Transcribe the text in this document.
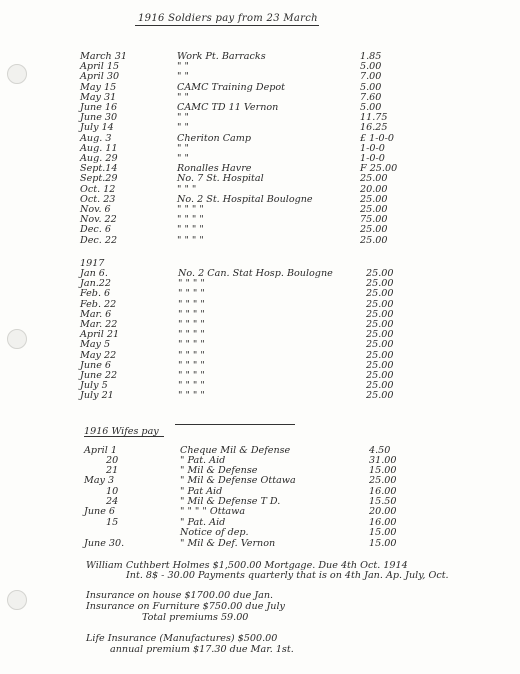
1916 Soldiers pay from 23 March
March 31	Work Pt. Barracks	1.85
April 15	" "	5.00
April 30	" "	7.00
May 15	CAMC Training Depot	5.00
May 31	" "	7.60
June 16	CAMC TD 11 Vernon	5.00
June 30	" "	11.75
July 14	" "	16.25
Aug. 3	Cheriton Camp	£ 1-0-0
Aug. 11	" "	1-0-0
Aug. 29	" "	1-0-0
Sept.14	Ronalles Havre	F 25.00
Sept.29	No. 7 St. Hospital	25.00
Oct. 12	" " "	20.00
Oct. 23	No. 2 St. Hospital Boulogne	25.00
Nov. 6	" " " "	25.00
Nov. 22	" " " "	75.00
Dec. 6	" " " "	25.00
Dec. 22	" " " "	25.00
1917
Jan 6.	No. 2 Can. Stat Hosp. Boulogne	25.00
Jan.22	" " " "	25.00
Feb. 6	" " " "	25.00
Feb. 22	" " " "	25.00
Mar. 6	" " " "	25.00
Mar. 22	" " " "	25.00
April 21	" " " "	25.00
May 5	" " " "	25.00
May 22	" " " "	25.00
June 6	" " " "	25.00
June 22	" " " "	25.00
July 5	" " " "	25.00
July 21	" " " "	25.00
1916 Wifes pay
April 1	Cheque Mil & Defense	4.50
20	" Pat. Aid	31.00
21	" Mil & Defense	15.00
May 3	" Mil & Defense Ottawa	25.00
10	" Pat Aid	16.00
24	" Mil & Defense T D.	15.50
June 6	" " " " Ottawa	20.00
15	" Pat. Aid	16.00
Notice of dep.	15.00
June 30.	" Mil & Def. Vernon	15.00
William Cuthbert Holmes $1,500.00 Mortgage. Due 4th Oct. 1914
Int. 8$ - 30.00 Payments quarterly that is on 4th Jan. Ap. July, Oct.
Insurance on house $1700.00 due Jan.
Insurance on Furniture $750.00 due July
Total premiums 59.00
Life Insurance (Manufactures) $500.00
annual premium $17.30 due Mar. 1st.
